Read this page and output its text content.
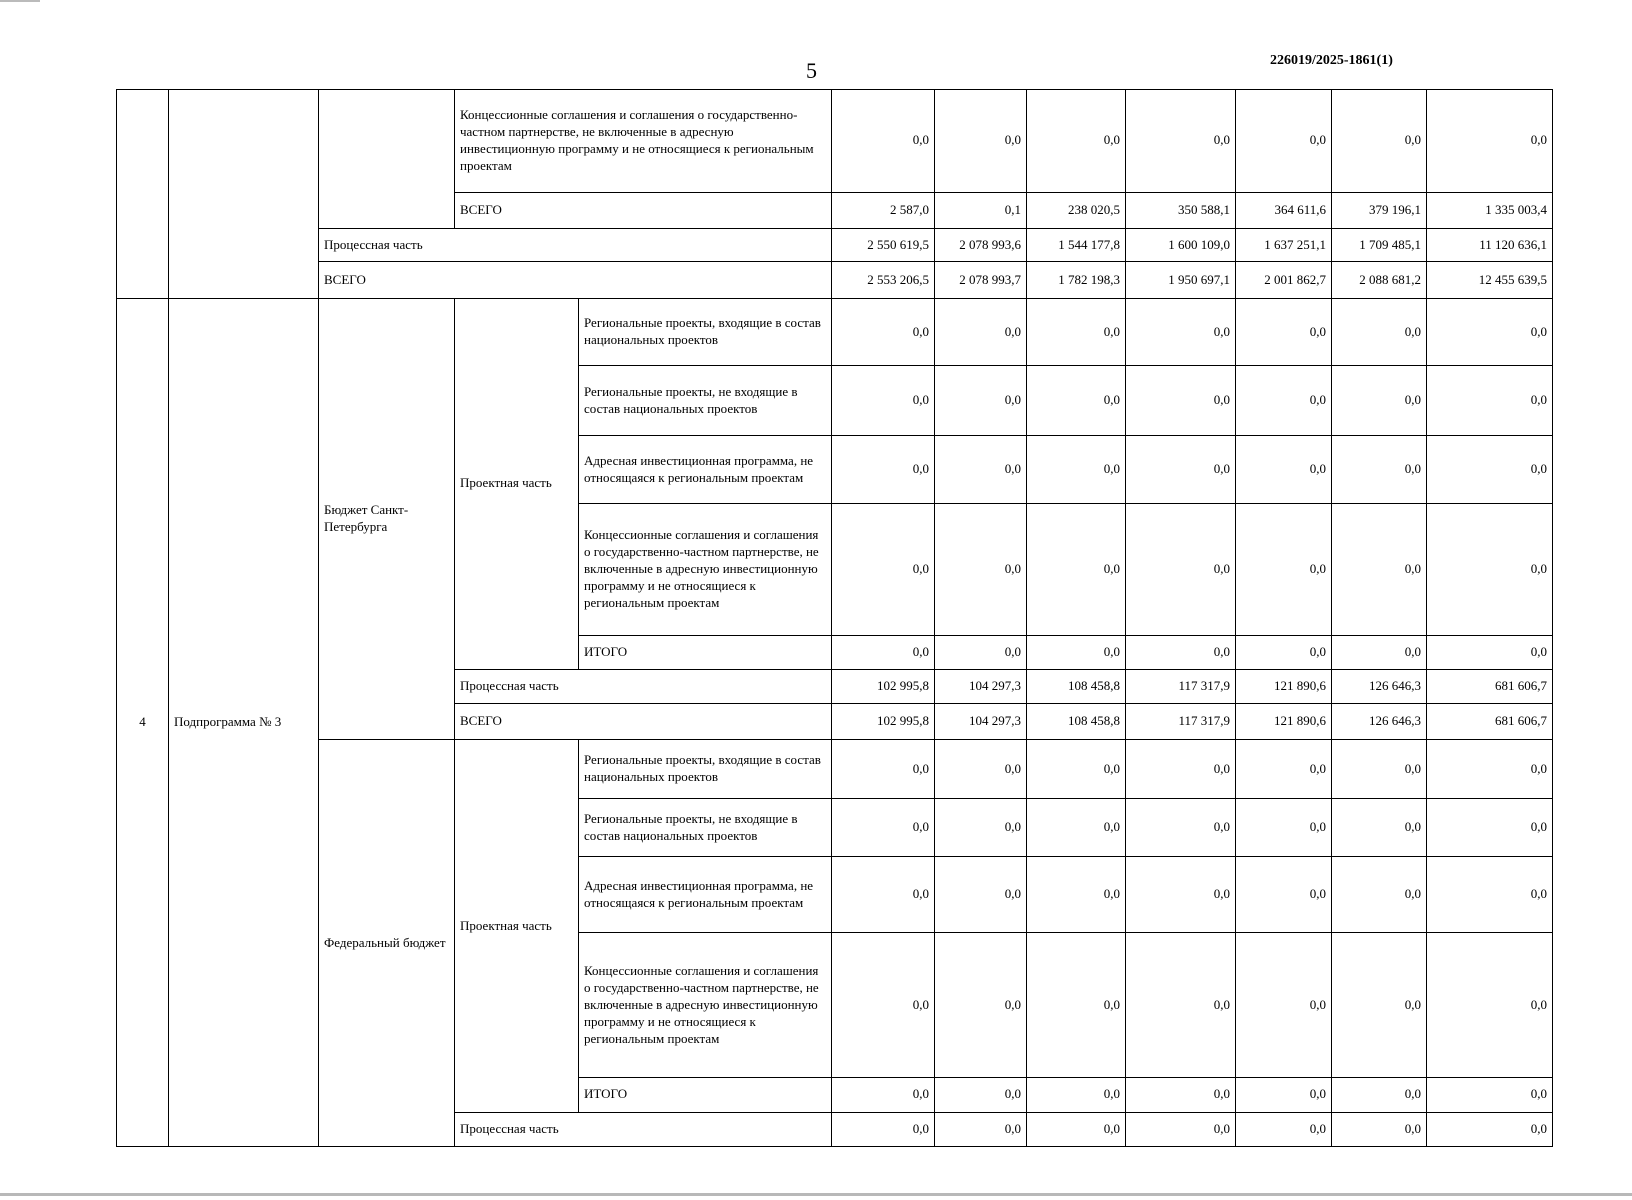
5	226019/2025-1861(1)
			Концессионные соглашения и соглашения о государственно-частном партнерстве, не включенные в адресную инвестиционную программу и не относящиеся к региональным проектам		0,0	0,0	0,0	0,0	0,0	0,0	0,0
			ВСЕГО		2 587,0	0,1	238 020,5	350 588,1	364 611,6	379 196,1	1 335 003,4
		Процессная часть			2 550 619,5	2 078 993,6	1 544 177,8	1 600 109,0	1 637 251,1	1 709 485,1	11 120 636,1
		ВСЕГО			2 553 206,5	2 078 993,7	1 782 198,3	1 950 697,1	2 001 862,7	2 088 681,2	12 455 639,5
4	Подпрограмма № 3	Бюджет Санкт-Петербурга	Проектная часть	Региональные проекты, входящие в состав национальных проектов	0,0	0,0	0,0	0,0	0,0	0,0	0,0
				Региональные проекты, не входящие в состав национальных проектов	0,0	0,0	0,0	0,0	0,0	0,0	0,0
				Адресная инвестиционная программа, не относящаяся к региональным проектам	0,0	0,0	0,0	0,0	0,0	0,0	0,0
				Концессионные соглашения и соглашения о государственно-частном партнерстве, не включенные в адресную инвестиционную программу и не относящиеся к региональным проектам	0,0	0,0	0,0	0,0	0,0	0,0	0,0
				ИТОГО	0,0	0,0	0,0	0,0	0,0	0,0	0,0
			Процессная часть		102 995,8	104 297,3	108 458,8	117 317,9	121 890,6	126 646,3	681 606,7
			ВСЕГО		102 995,8	104 297,3	108 458,8	117 317,9	121 890,6	126 646,3	681 606,7
		Федеральный бюджет	Проектная часть	Региональные проекты, входящие в состав национальных проектов	0,0	0,0	0,0	0,0	0,0	0,0	0,0
				Региональные проекты, не входящие в состав национальных проектов	0,0	0,0	0,0	0,0	0,0	0,0	0,0
				Адресная инвестиционная программа, не относящаяся к региональным проектам	0,0	0,0	0,0	0,0	0,0	0,0	0,0
				Концессионные соглашения и соглашения о государственно-частном партнерстве, не включенные в адресную инвестиционную программу и не относящиеся к региональным проектам	0,0	0,0	0,0	0,0	0,0	0,0	0,0
				ИТОГО	0,0	0,0	0,0	0,0	0,0	0,0	0,0
			Процессная часть		0,0	0,0	0,0	0,0	0,0	0,0	0,0
